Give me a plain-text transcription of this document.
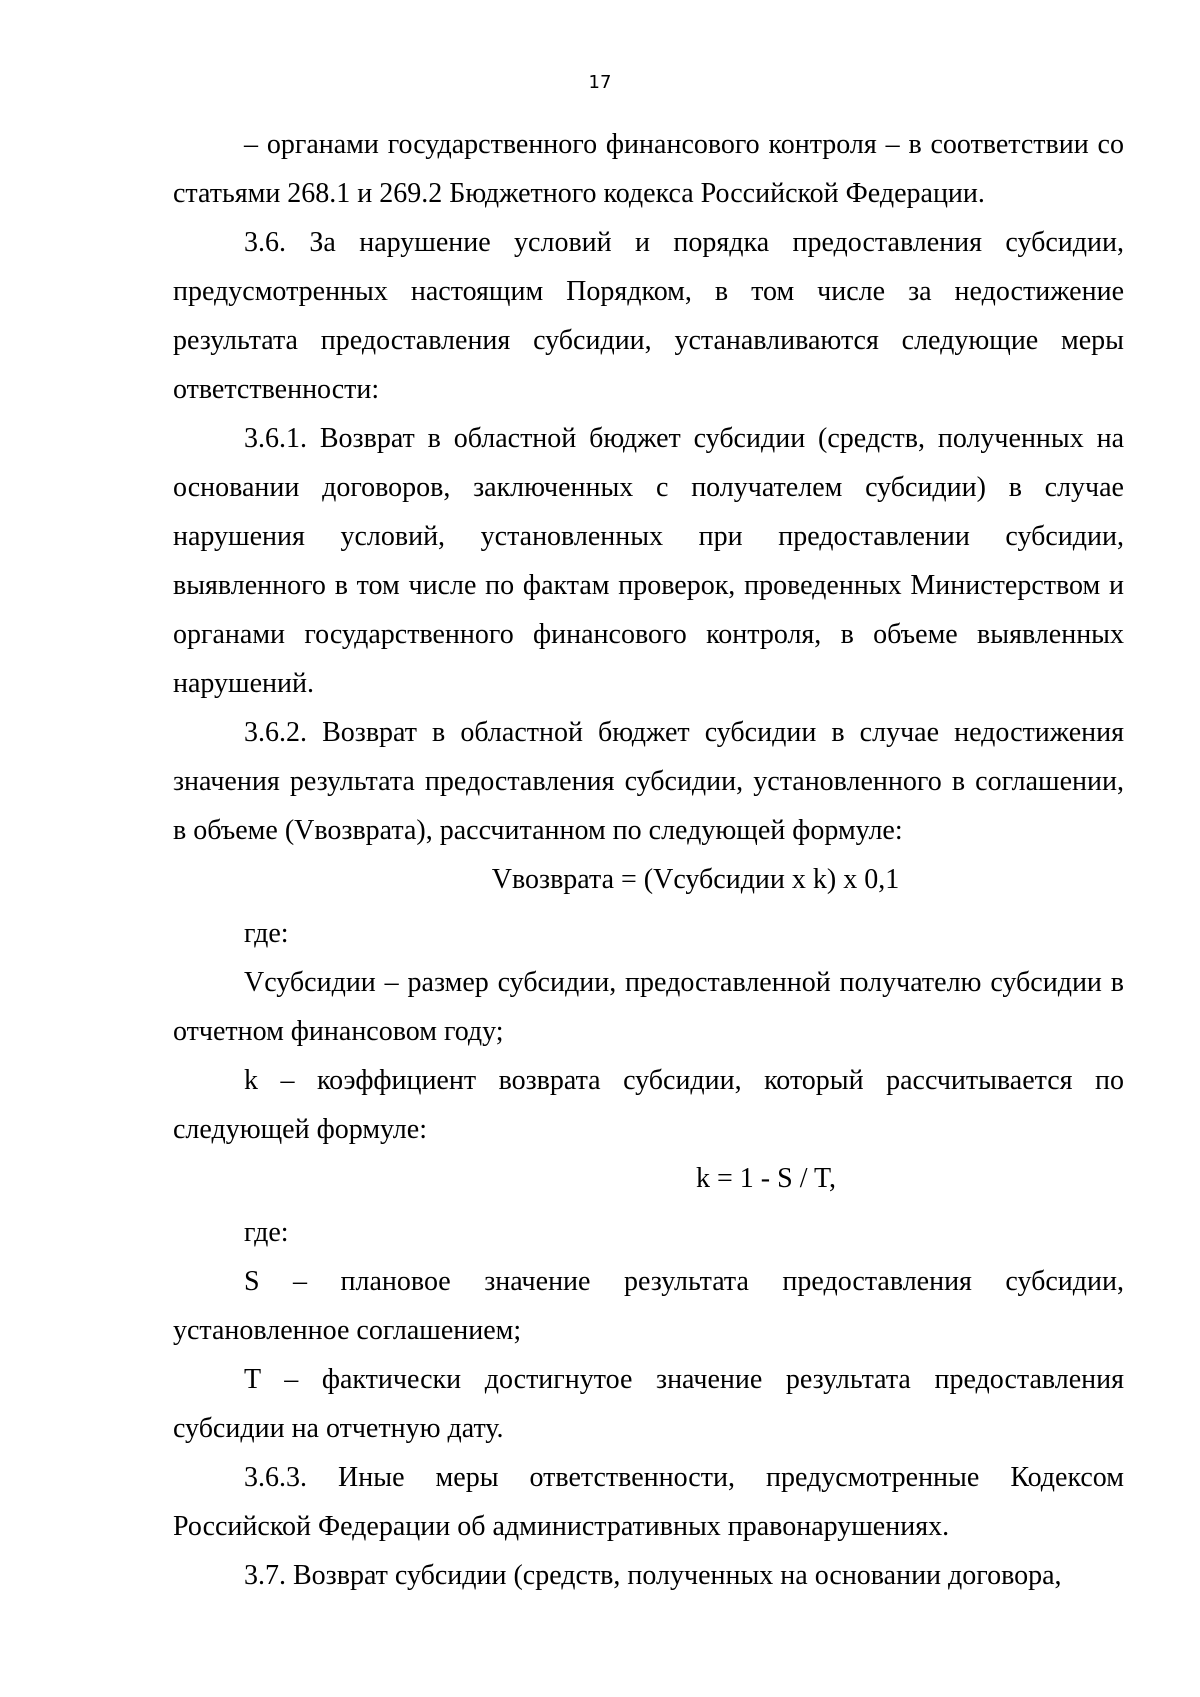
17

– органами государственного финансового контроля – в соответствии со статьями 268.1 и 269.2 Бюджетного кодекса Российской Федерации.

3.6. За нарушение условий и порядка предоставления субсидии, предусмотренных настоящим Порядком, в том числе за недостижение результата предоставления субсидии, устанавливаются следующие меры ответственности:

3.6.1. Возврат в областной бюджет субсидии (средств, полученных на основании договоров, заключенных с получателем субсидии) в случае нарушения условий, установленных при предоставлении субсидии, выявленного в том числе по фактам проверок, проведенных Министерством и органами государственного финансового контроля, в объеме выявленных нарушений.

3.6.2. Возврат в областной бюджет субсидии в случае недостижения значения результата предоставления субсидии, установленного в соглашении, в объеме (Vвозврата), рассчитанном по следующей формуле:

Vвозврата = (Vсубсидии x k) x 0,1

где:

Vсубсидии – размер субсидии, предоставленной получателю субсидии в отчетном финансовом году;

k – коэффициент возврата субсидии, который рассчитывается по следующей формуле:

k = 1 - S / T,

где:

S – плановое значение результата предоставления субсидии, установленное соглашением;

T – фактически достигнутое значение результата предоставления субсидии на отчетную дату.

3.6.3. Иные меры ответственности, предусмотренные Кодексом Российской Федерации об административных правонарушениях.

3.7. Возврат субсидии (средств, полученных на основании договора,
